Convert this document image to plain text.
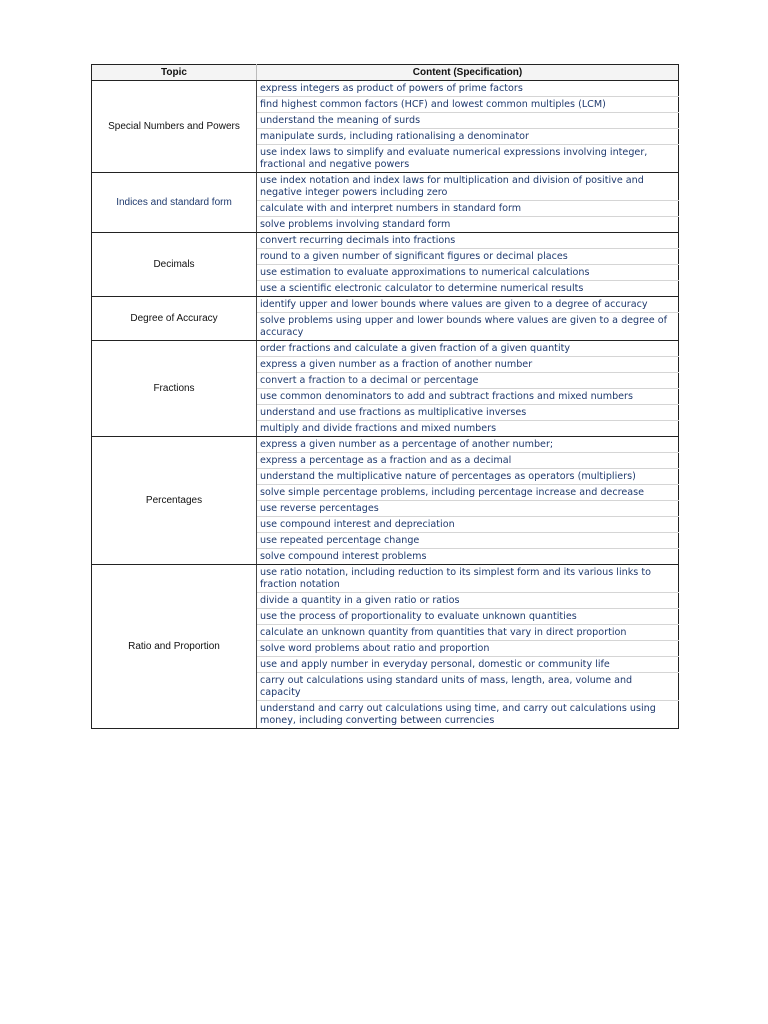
Topic	Content (Specification)
Special Numbers and Powers	express integers as product of powers of prime factors
	find highest common factors (HCF) and lowest common multiples (LCM)
	understand the meaning of surds
	manipulate surds, including rationalising a denominator
	use index laws to simplify and evaluate numerical expressions involving integer, fractional and negative powers
Indices and standard form	use index notation and index laws for multiplication and division of positive and negative integer powers including zero
	calculate with and interpret numbers in standard form
	solve problems involving standard form
Decimals	convert recurring decimals into fractions
	round to a given number of significant figures or decimal places
	use estimation to evaluate approximations to numerical calculations
	use a scientific electronic calculator to determine numerical results
Degree of Accuracy	identify upper and lower bounds where values are given to a degree of accuracy
	solve problems using upper and lower bounds where values are given to a degree of accuracy
Fractions	order fractions and calculate a given fraction of a given quantity
	express a given number as a fraction of another number
	convert a fraction to a decimal or percentage
	use common denominators to add and subtract fractions and mixed numbers
	understand and use fractions as multiplicative inverses
	multiply and divide fractions and mixed numbers
Percentages	express a given number as a percentage of another number;
	express a percentage as a fraction and as a decimal
	understand the multiplicative nature of percentages as operators (multipliers)
	solve simple percentage problems, including percentage increase and decrease
	use reverse percentages
	use compound interest and depreciation
	use repeated percentage change
	solve compound interest problems
Ratio and Proportion	use ratio notation, including reduction to its simplest form and its various links to fraction notation
	divide a quantity in a given ratio or ratios
	use the process of proportionality to evaluate unknown quantities
	calculate an unknown quantity from quantities that vary in direct proportion
	solve word problems about ratio and proportion
	use and apply number in everyday personal, domestic or community life
	carry out calculations using standard units of mass, length, area, volume and capacity
	understand and carry out calculations using time, and carry out calculations using money, including converting between currencies
